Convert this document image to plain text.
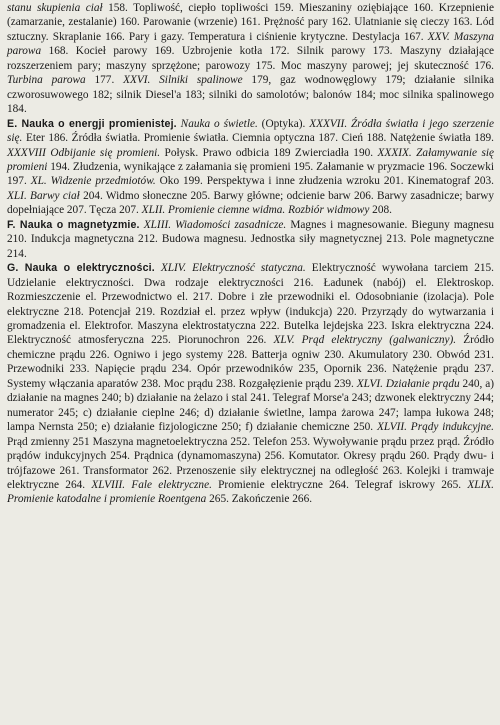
stanu skupienia ciał 158. Topliwość, ciepło topliwości 159. Mieszaniny oziębiające 160. Krzepnienie (zamarzanie, zestalanie) 160. Parowanie (wrzenie) 161. Prężność pary 162. Ulatnianie się cieczy 163. Lód sztuczny. Skraplanie 166. Pary i gazy. Temperatura i ciśnienie krytyczne. Destylacja 167. XXV. Maszyna parowa 168. Kocieł parowy 169. Uzbrojenie kotła 172. Silnik parowy 173. Maszyny działające rozszerzeniem pary; maszyny sprzężone; parowozy 175. Moc maszyny parowej; jej skuteczność 176. Turbina parowa 177. XXVI. Silniki spalinowe 179, gaz wodnowęglowy 179; działanie silnika czworosuwowego 182; silnik Diesel'a 183; silniki do samolotów; balonów 184; moc silnika spalinowego 184.

E. Nauka o energji promienistej. Nauka o świetle. (Optyka). XXXVII. Źródła światła i jego szerzenie się. Eter 186. Źródła światła. Promienie światła. Ciemnia optyczna 187. Cień 188. Natężenie światła 189. XXXVIII Odbijanie się promieni. Połysk. Prawo odbicia 189 Zwierciadła 190. XXXIX. Załamywanie się promieni 194. Złudzenia, wynikające z załamania się promieni 195. Załamanie w pryzmacie 196. Soczewki 197. XL. Widzenie przedmiotów. Oko 199. Perspektywa i inne złudzenia wzroku 201. Kinematograf 203. XLI. Barwy ciał 204. Widmo słoneczne 205. Barwy główne; odcienie barw 206. Barwy zasadnicze; barwy dopełniające 207. Tęcza 207. XLII. Promienie ciemne widma. Rozbiór widmowy 208.

F. Nauka o magnetyzmie. XLIII. Wiadomości zasadnicze. Magnes i magnesowanie. Bieguny magnesu 210. Indukcja magnetyczna 212. Budowa magnesu. Jednostka siły magnetycznej 213. Pole magnetyczne 214.

G. Nauka o elektryczności. XLIV. Elektryczność statyczna. Elektryczność wywołana tarciem 215. Udzielanie elektryczności. Dwa rodzaje elektryczności 216. Ładunek (nabój) el. Elektroskop. Rozmieszczenie el. Przewodnictwo el. 217. Dobre i złe przewodniki el. Odosobnianie (izolacja). Pole elektryczne 218. Potencjał 219. Rozdział el. przez wpływ (indukcja) 220. Przyrządy do wytwarzania i gromadzenia el. Elektrofor. Maszyna elektrostatyczna 222. Butelka lejdejska 223. Iskra elektryczna 224. Elektryczność atmosferyczna 225. Piorunochron 226. XLV. Prąd elektryczny (galwaniczny). Źródło chemiczne prądu 226. Ogniwo i jego systemy 228. Batterja ogniw 230. Akumulatory 230. Obwód 231. Przewodniki 233. Napięcie prądu 234. Opór przewodników 235, Opornik 236. Natężenie prądu 237. Systemy włączania aparatów 238. Moc prądu 238. Rozgałęzienie prądu 239. XLVI. Działanie prądu 240, a) działanie na magnes 240; b) działanie na żelazo i stal 241. Telegraf Morse'a 243; dzwonek elektryczny 244; numerator 245; c) działanie cieplne 246; d) działanie świetlne, lampa żarowa 247; lampa łukowa 248; lampa Nernsta 250; e) działanie fizjologiczne 250; f) działanie chemiczne 250. XLVII. Prądy indukcyjne. Prąd zmienny 251 Maszyna magnetoelektryczna 252. Telefon 253. Wywoływanie prądu przez prąd. Źródło prądów indukcyjnych 254. Prądnica (dynamomaszyna) 256. Komutator. Okresy prądu 260. Prądy dwu- i trójfazowe 261. Transformator 262. Przenoszenie siły elektrycznej na odległość 263. Kolejki i tramwaje elektryczne 264. XLVIII. Fale elektryczne. Promienie elektryczne 264. Telegraf iskrowy 265. XLIX. Promienie katodalne i promienie Roentgena 265. Zakończenie 266.
